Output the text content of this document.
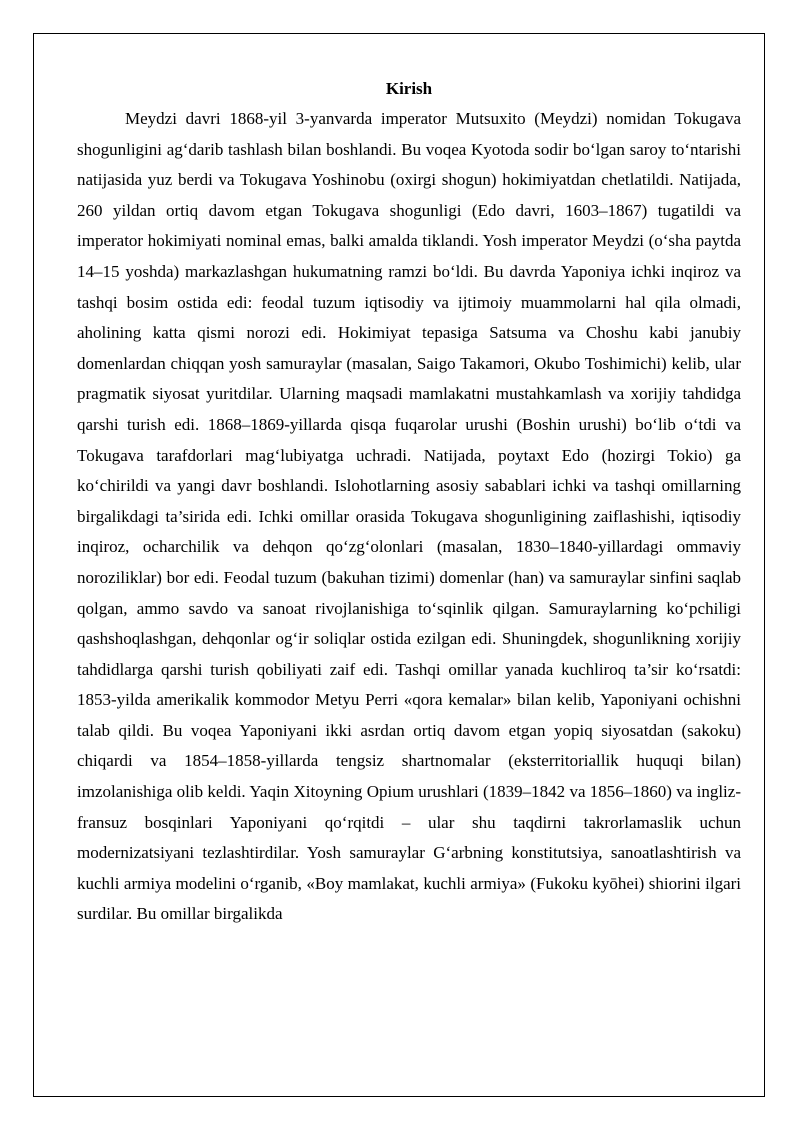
Kirish

Meydzi davri 1868-yil 3-yanvarda imperator Mutsuxito (Meydzi) nomidan Tokugava shogunligini ag‘darib tashlash bilan boshlandi. Bu voqea Kyotoda sodir bo‘lgan saroy to‘ntarishi natijasida yuz berdi va Tokugava Yoshinobu (oxirgi shogun) hokimiyatdan chetlatildi. Natijada, 260 yildan ortiq davom etgan Tokugava shogunligi (Edo davri, 1603–1867) tugatildi va imperator hokimiyati nominal emas, balki amalda tiklandi. Yosh imperator Meydzi (o‘sha paytda 14–15 yoshda) markazlashgan hukumatning ramzi bo‘ldi. Bu davrda Yaponiya ichki inqiroz va tashqi bosim ostida edi: feodal tuzum iqtisodiy va ijtimoiy muammolarni hal qila olmadi, aholining katta qismi norozi edi. Hokimiyat tepasiga Satsuma va Choshu kabi janubiy domenlardan chiqqan yosh samuraylar (masalan, Saigo Takamori, Okubo Toshimichi) kelib, ular pragmatik siyosat yuritdilar. Ularning maqsadi mamlakatni mustahkamlash va xorijiy tahdidga qarshi turish edi. 1868–1869-yillarda qisqa fuqarolar urushi (Boshin urushi) bo‘lib o‘tdi va Tokugava tarafdorlari mag‘lubiyatga uchradi. Natijada, poytaxt Edo (hozirgi Tokio) ga ko‘chirildi va yangi davr boshlandi. Islohotlarning asosiy sabablari ichki va tashqi omillarning birgalikdagi ta’sirida edi. Ichki omillar orasida Tokugava shogunligining zaiflashishi, iqtisodiy inqiroz, ocharchilik va dehqon qo‘zg‘olonlari (masalan, 1830–1840-yillardagi ommaviy noroziliklar) bor edi. Feodal tuzum (bakuhan tizimi) domenlar (han) va samuraylar sinfini saqlab qolgan, ammo savdo va sanoat rivojlanishiga to‘sqinlik qilgan. Samuraylarning ko‘pchiligi qashshoqlashgan, dehqonlar og‘ir soliqlar ostida ezilgan edi. Shuningdek, shogunlikning xorijiy tahdidlarga qarshi turish qobiliyati zaif edi. Tashqi omillar yanada kuchliroq ta’sir ko‘rsatdi: 1853-yilda amerikalik kommodor Metyu Perri «qora kemalar» bilan kelib, Yaponiyani ochishni talab qildi. Bu voqea Yaponiyani ikki asrdan ortiq davom etgan yopiq siyosatdan (sakoku) chiqardi va 1854–1858-yillarda tengsiz shartnomalar (eksterritoriallik huquqi bilan) imzolanishiga olib keldi. Yaqin Xitoyning Opium urushlari (1839–1842 va 1856–1860) va ingliz-fransuz bosqinlari Yaponiyani qo‘rqitdi – ular shu taqdirni takrorlamaslik uchun modernizatsiyani tezlashtirdilar. Yosh samuraylar G‘arbning konstitutsiya, sanoatlashtirish va kuchli armiya modelini o‘rganib, «Boy mamlakat, kuchli armiya» (Fukoku kyōhei) shiorini ilgari surdilar. Bu omillar birgalikda
